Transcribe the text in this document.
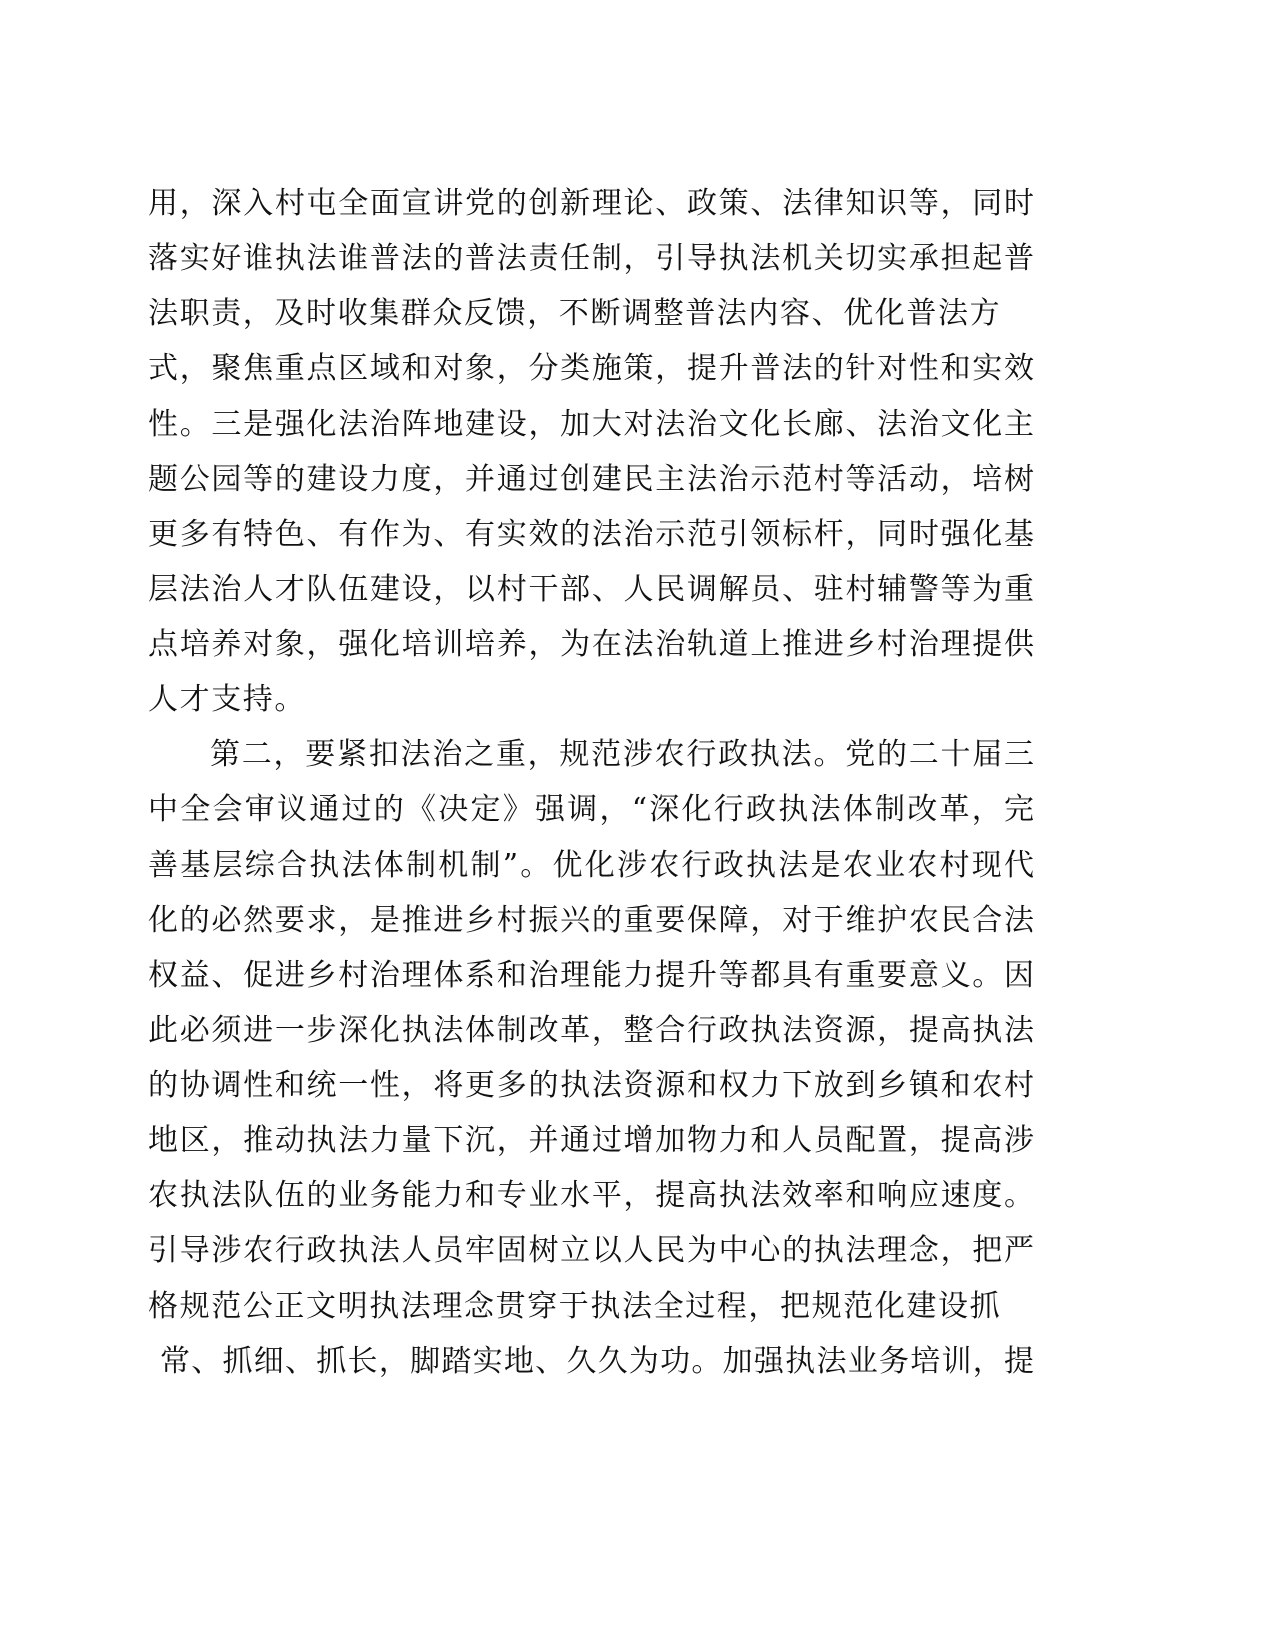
用，深入村屯全面宣讲党的创新理论、政策、法律知识等，同时
落实好谁执法谁普法的普法责任制，引导执法机关切实承担起普
法职责，及时收集群众反馈，不断调整普法内容、优化普法方
式，聚焦重点区域和对象，分类施策，提升普法的针对性和实效
性。三是强化法治阵地建设，加大对法治文化长廊、法治文化主
题公园等的建设力度，并通过创建民主法治示范村等活动，培树
更多有特色、有作为、有实效的法治示范引领标杆，同时强化基
层法治人才队伍建设，以村干部、人民调解员、驻村辅警等为重
点培养对象，强化培训培养，为在法治轨道上推进乡村治理提供
人才支持。
第二，要紧扣法治之重，规范涉农行政执法。党的二十届三
中全会审议通过的《决定》强调，“深化行政执法体制改革，完
善基层综合执法体制机制”。优化涉农行政执法是农业农村现代
化的必然要求，是推进乡村振兴的重要保障，对于维护农民合法
权益、促进乡村治理体系和治理能力提升等都具有重要意义。因
此必须进一步深化执法体制改革，整合行政执法资源，提高执法
的协调性和统一性，将更多的执法资源和权力下放到乡镇和农村
地区，推动执法力量下沉，并通过增加物力和人员配置，提高涉
农执法队伍的业务能力和专业水平，提高执法效率和响应速度。
引导涉农行政执法人员牢固树立以人民为中心的执法理念，把严
格规范公正文明执法理念贯穿于执法全过程，把规范化建设抓
常、抓细、抓长，脚踏实地、久久为功。加强执法业务培训，提
